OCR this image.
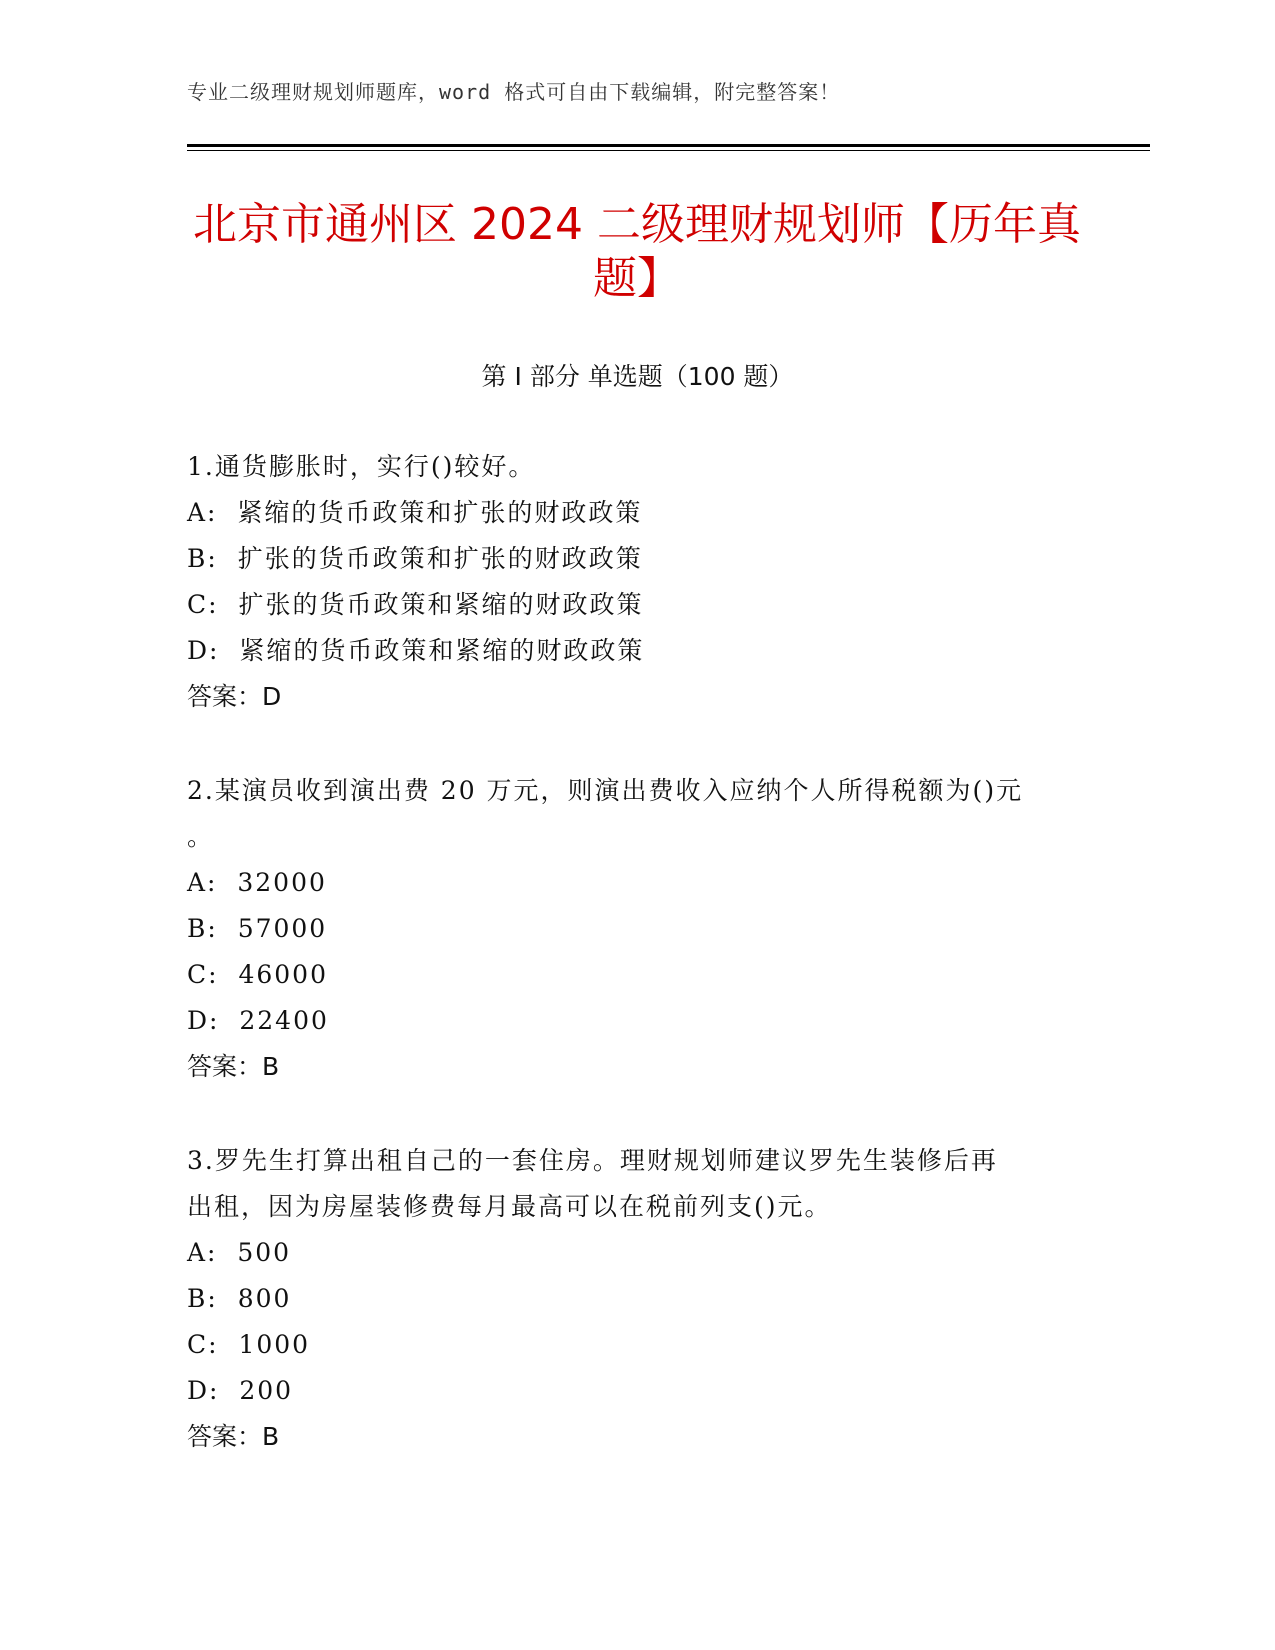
专业二级理财规划师题库，word 格式可自由下载编辑，附完整答案！
北京市通州区 2024 二级理财规划师【历年真
题】
第 I 部分 单选题（100 题）
1.通货膨胀时，实行()较好。
A:  紧缩的货币政策和扩张的财政政策
B:  扩张的货币政策和扩张的财政政策
C:  扩张的货币政策和紧缩的财政政策
D:  紧缩的货币政策和紧缩的财政政策
答案：D
2.某演员收到演出费 20 万元，则演出费收入应纳个人所得税额为()元
。
A:  32000
B:  57000
C:  46000
D:  22400
答案：B
3.罗先生打算出租自己的一套住房。理财规划师建议罗先生装修后再
出租，因为房屋装修费每月最高可以在税前列支()元。
A:  500
B:  800
C:  1000
D:  200
答案：B
